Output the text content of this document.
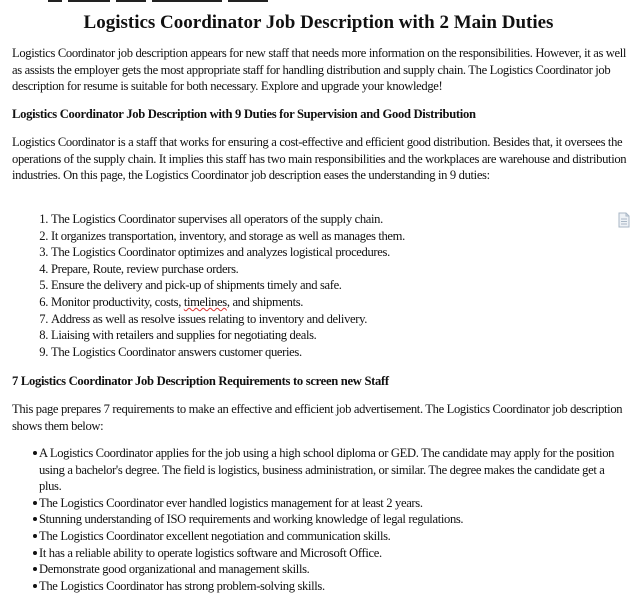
Logistics Coordinator Job Description with 2 Main Duties

Logistics Coordinator job description appears for new staff that needs more information on the responsibilities. However, it as well as assists the employer gets the most appropriate staff for handling distribution and supply chain. The Logistics Coordinator job description for resume is suitable for both necessary. Explore and upgrade your knowledge!

Logistics Coordinator Job Description with 9 Duties for Supervision and Good Distribution

Logistics Coordinator is a staff that works for ensuring a cost-effective and efficient good distribution. Besides that, it oversees the operations of the supply chain. It implies this staff has two main responsibilities and the workplaces are warehouse and distribution industries. On this page, the Logistics Coordinator job description eases the understanding in 9 duties:

1. The Logistics Coordinator supervises all operators of the supply chain.
2. It organizes transportation, inventory, and storage as well as manages them.
3. The Logistics Coordinator optimizes and analyzes logistical procedures.
4. Prepare, Route, review purchase orders.
5. Ensure the delivery and pick-up of shipments timely and safe.
6. Monitor productivity, costs, timelines, and shipments.
7. Address as well as resolve issues relating to inventory and delivery.
8. Liaising with retailers and supplies for negotiating deals.
9. The Logistics Coordinator answers customer queries.
7 Logistics Coordinator Job Description Requirements to screen new Staff

This page prepares 7 requirements to make an effective and efficient job advertisement. The Logistics Coordinator job description shows them below:

A Logistics Coordinator applies for the job using a high school diploma or GED. The candidate may apply for the position using a bachelor's degree. The field is logistics, business administration, or similar. The degree makes the candidate get a plus.
The Logistics Coordinator ever handled logistics management for at least 2 years.
Stunning understanding of ISO requirements and working knowledge of legal regulations.
The Logistics Coordinator excellent negotiation and communication skills.
It has a reliable ability to operate logistics software and Microsoft Office.
Demonstrate good organizational and management skills.
The Logistics Coordinator has strong problem-solving skills.
